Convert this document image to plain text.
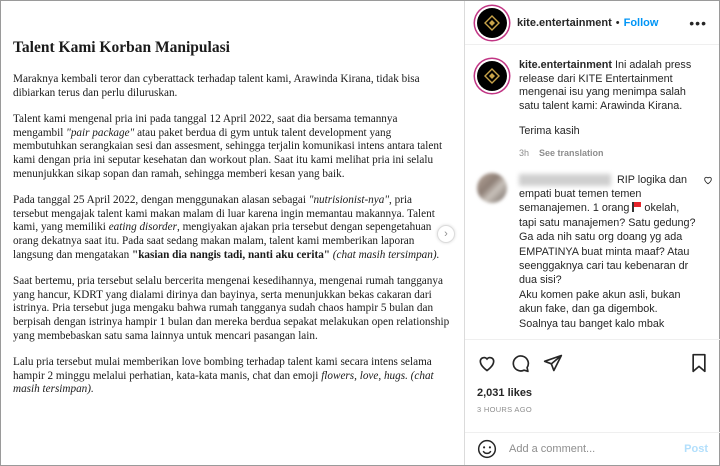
Talent Kami Korban Manipulasi

Maraknya kembali teror dan cyberattack terhadap talent kami, Arawinda Kirana, tidak bisa dibiarkan terus dan perlu diluruskan.

Talent kami mengenal pria ini pada tanggal 12 April 2022, saat dia bersama temannya mengambil "pair package" atau paket berdua di gym untuk talent development yang membutuhkan serangkaian sesi dan assesment, sehingga terjalin komunikasi intens antara talent kami dengan pria ini seputar kesehatan dan workout plan. Saat itu kami melihat pria ini selalu menunjukkan sikap sopan dan ramah, sehingga memberi kesan yang baik.

Pada tanggal 25 April 2022, dengan menggunakan alasan sebagai "nutrisionist-nya", pria tersebut mengajak talent kami makan malam di luar karena ingin memantau makannya. Talent kami, yang memiliki eating disorder, mengiyakan ajakan pria tersebut dengan sepengetahuan orang dekatnya saat itu. Pada saat sedang makan malam, talent kami memberikan laporan langsung dan mengatakan "kasian dia nangis tadi, nanti aku cerita" (chat masih tersimpan).

Saat bertemu, pria tersebut selalu bercerita mengenai kesedihannya, mengenai rumah tangganya yang hancur, KDRT yang dialami dirinya dan bayinya, serta menunjukkan bekas cakaran dari istrinya. Pria tersebut juga mengaku bahwa rumah tangganya sudah chaos hampir 5 bulan dan berpisah dengan istrinya hampir 1 bulan dan mereka berdua sepakat melakukan open relationship yang membebaskan satu sama lainnya untuk mencari pasangan lain.

Lalu pria tersebut mulai memberikan love bombing terhadap talent kami secara intens selama hampir 2 minggu melalui perhatian, kata-kata manis, chat dan emoji flowers, love, hugs. (chat masih tersimpan).

›
kite.entertainment • Follow •••
kite.entertainment Ini adalah press release dari KITE Entertainment mengenai isu yang menimpa salah satu talent kami: Arawinda Kirana.
Terima kasih
3h See translation
RIP logika dan empati buat temen temen semanajemen. 1 orang  okelah, tapi satu manajemen? Satu gedung? Ga ada nih satu org doang yg ada EMPATINYA buat minta maaf? Atau seenggaknya cari tau kebenaran dr dua sisi?
Aku komen pake akun asli, bukan akun fake, dan ga digembok.
Soalnya tau banget kalo mbak
2,031 likes
3 HOURS AGO
Add a comment...
Post
